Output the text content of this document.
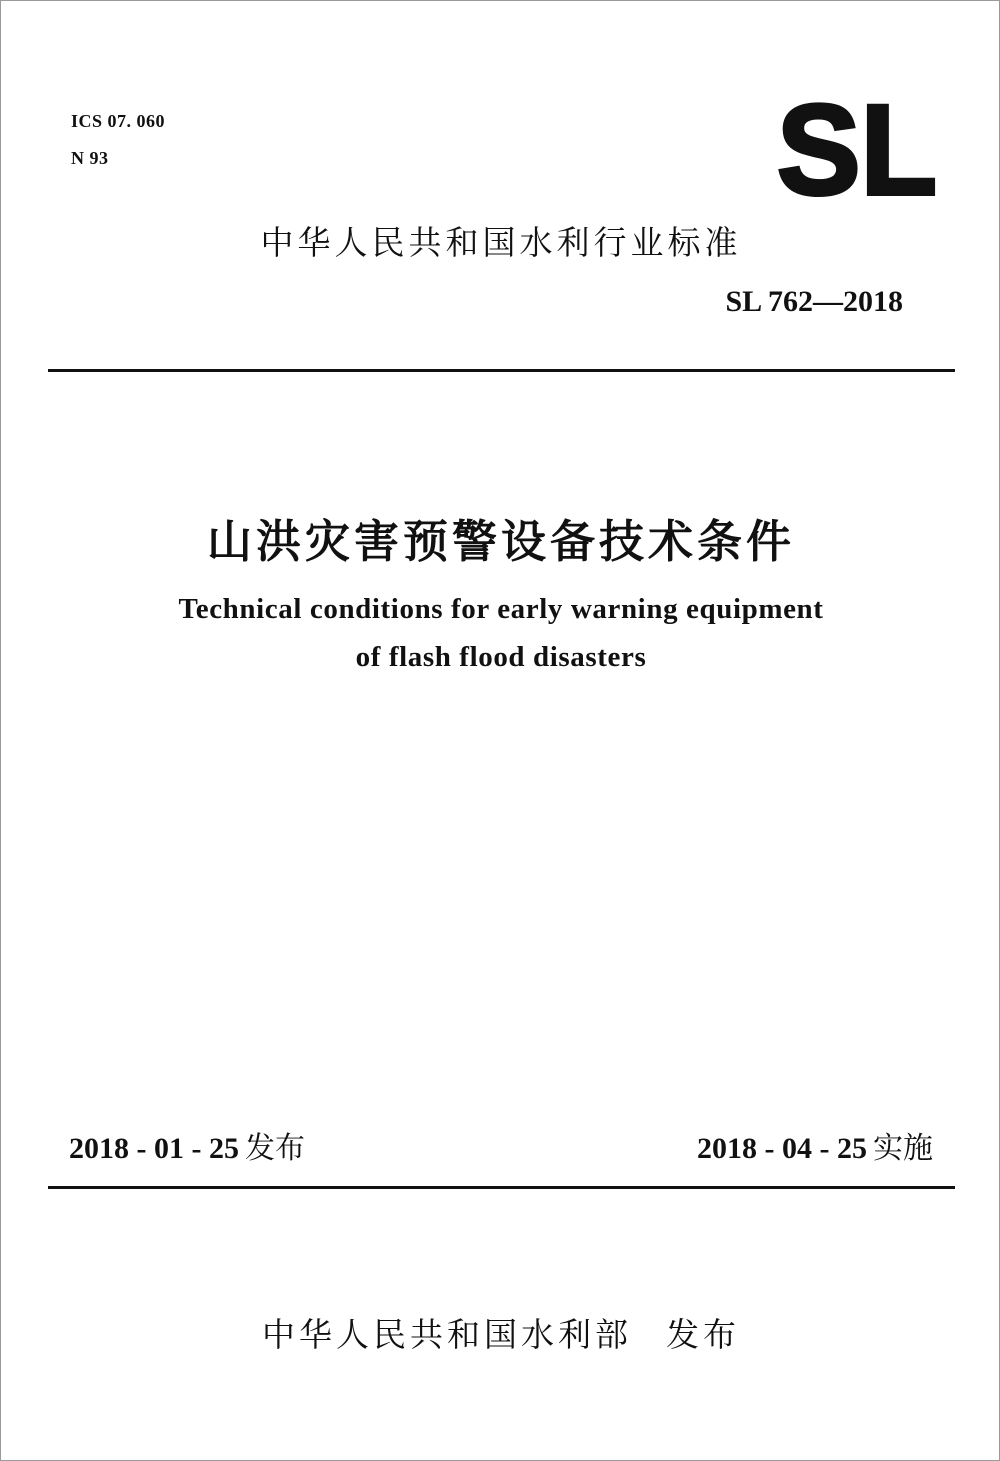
ICS 07. 060
N 93	SL
中华人民共和国水利行业标准
SL 762—2018
山洪灾害预警设备技术条件
Technical conditions for early warning equipment
of flash flood disasters
2018 - 01 - 25 发布	2018 - 04 - 25 实施
中华人民共和国水利部 发布
